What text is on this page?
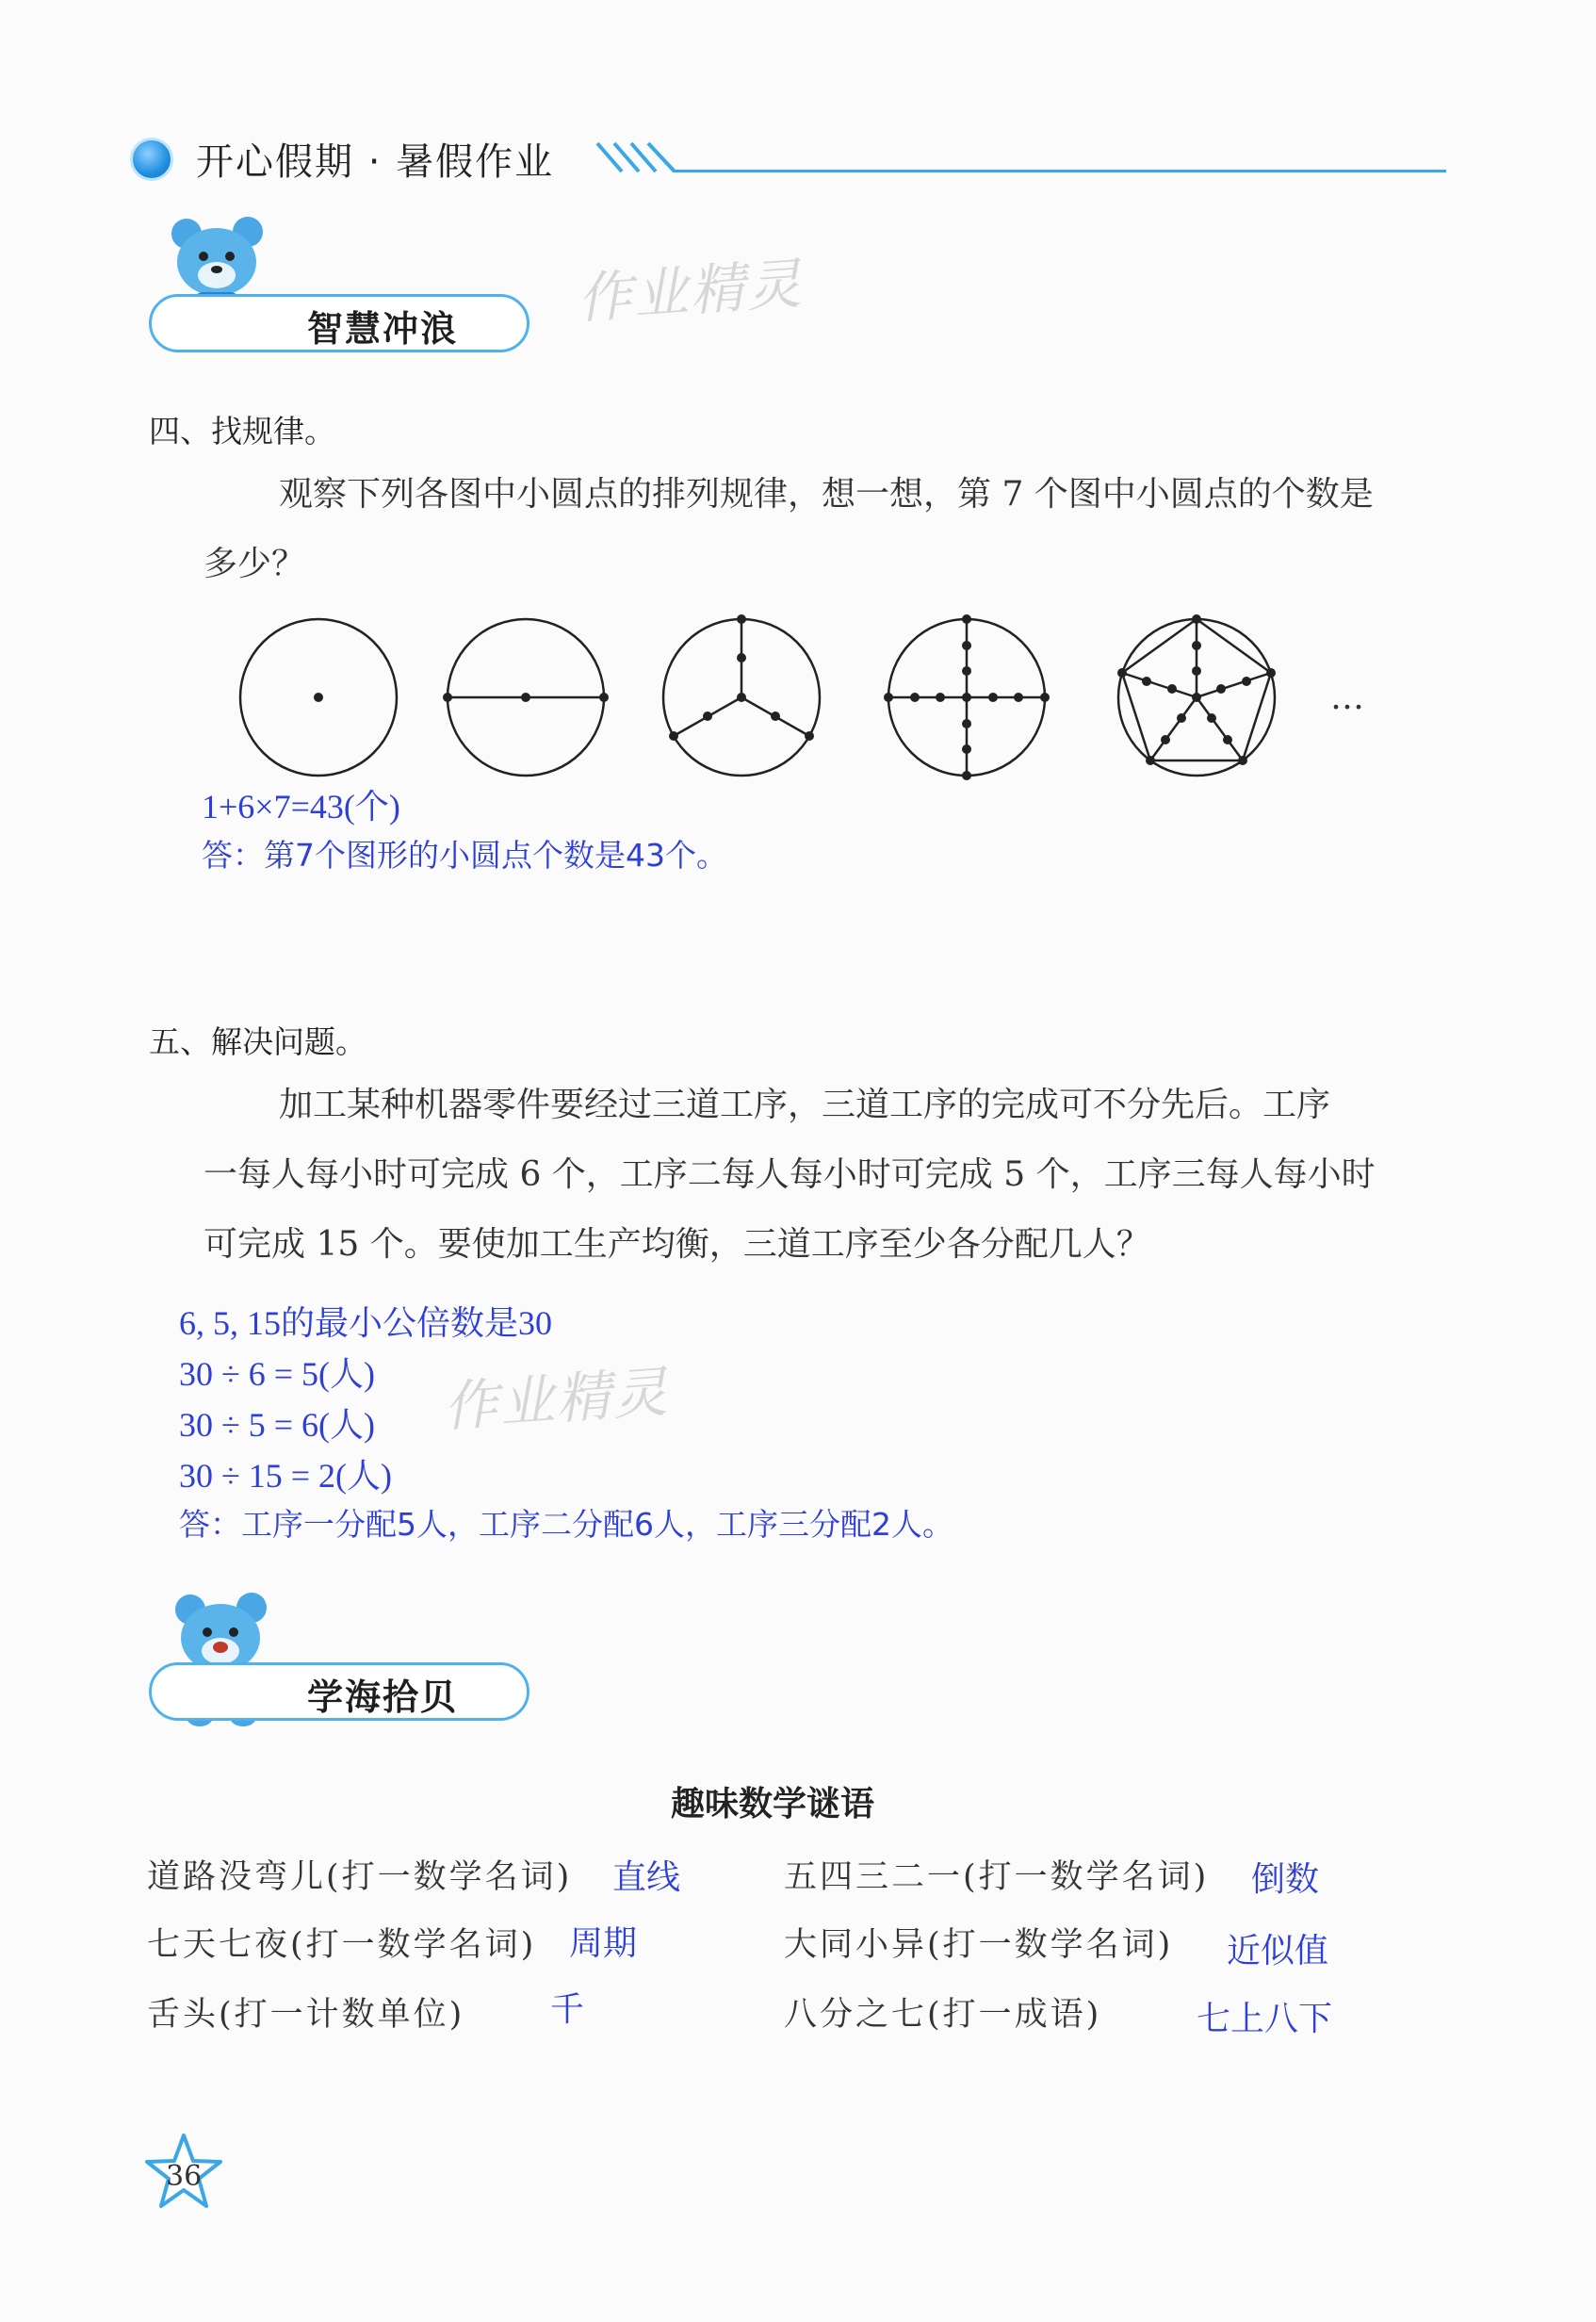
开心假期 · 暑假作业
智慧冲浪 作业精灵
四、找规律。
观察下列各图中小圆点的排列规律，想一想，第 7 个图中小圆点的个数是
多少？
…
1+6×7=43(个)
答：第7个图形的小圆点个数是43个。
五、解决问题。
加工某种机器零件要经过三道工序，三道工序的完成可不分先后。工序
一每人每小时可完成 6 个，工序二每人每小时可完成 5 个，工序三每人每小时
可完成 15 个。要使加工生产均衡，三道工序至少各分配几人？
6, 5, 15的最小公倍数是30
30 ÷ 6 = 5(人)
30 ÷ 5 = 6(人)
30 ÷ 15 = 2(人)
答：工序一分配5人，工序二分配6人，工序三分配2人。
作业精灵
学海拾贝
趣味数学谜语
道路没弯儿(打一数学名词) 直线	五四三二一(打一数学名词) 倒数
七天七夜(打一数学名词) 周期	大同小异(打一数学名词) 近似值
舌头(打一计数单位)	千	八分之七(打一成语)	七上八下
36
